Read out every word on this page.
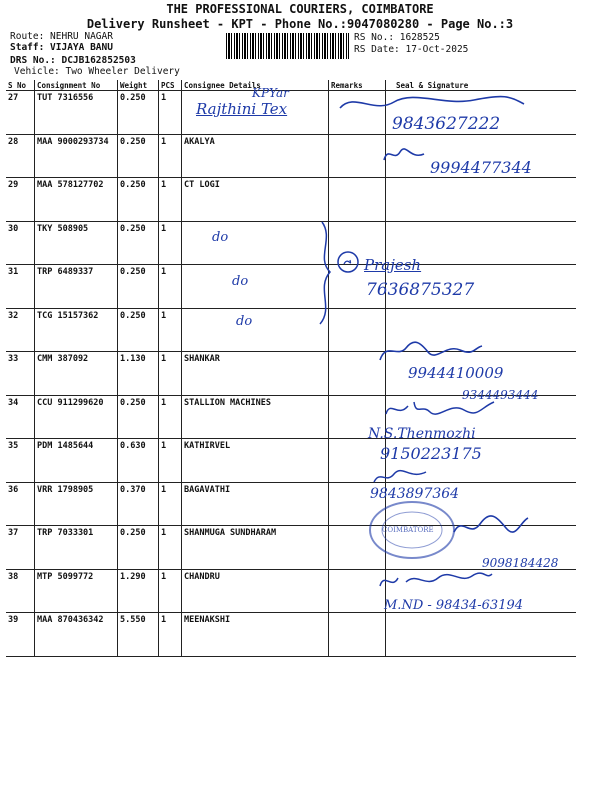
THE PROFESSIONAL COURIERS, COIMBATORE
Delivery Runsheet - KPT - Phone No.:9047080280 - Page No.:3
Route: NEHRU NAGAR
Staff: VIJAYA BANU
DRS No.: DCJB162852503
Vehicle: Two Wheeler Delivery
RS No.: 1628525
RS Date: 17-Oct-2025
S No	Consignment No	Weight	PCS	Consignee Details	Remarks	Seal & Signature
27	TUT 7316556	0.250	1			
28	MAA 9000293734	0.250	1	AKALYA		
29	MAA 578127702	0.250	1	CT LOGI		
30	TKY 508905	0.250	1			
31	TRP 6489337	0.250	1			
32	TCG 15157362	0.250	1			
33	CMM 387092	1.130	1	SHANKAR		
34	CCU 911299620	0.250	1	STALLION MACHINES		
35	PDM 1485644	0.630	1	KATHIRVEL		
36	VRR 1798905	0.370	1	BAGAVATHI		
37	TRP 7033301	0.250	1	SHANMUGA SUNDHARAM		
38	MTP 5099772	1.290	1	CHANDRU		
39	MAA 870436342	5.550	1	MEENAKSHI		
KPYar
Rajthini Tex
9843627222
9994477344
do
do
do
Prajesh
7636875327
9944410009
9344493444
N.S.Thenmozhi
9150223175
9843897364
COIMBATORE
9098184428
M.ND - 98434-63194
